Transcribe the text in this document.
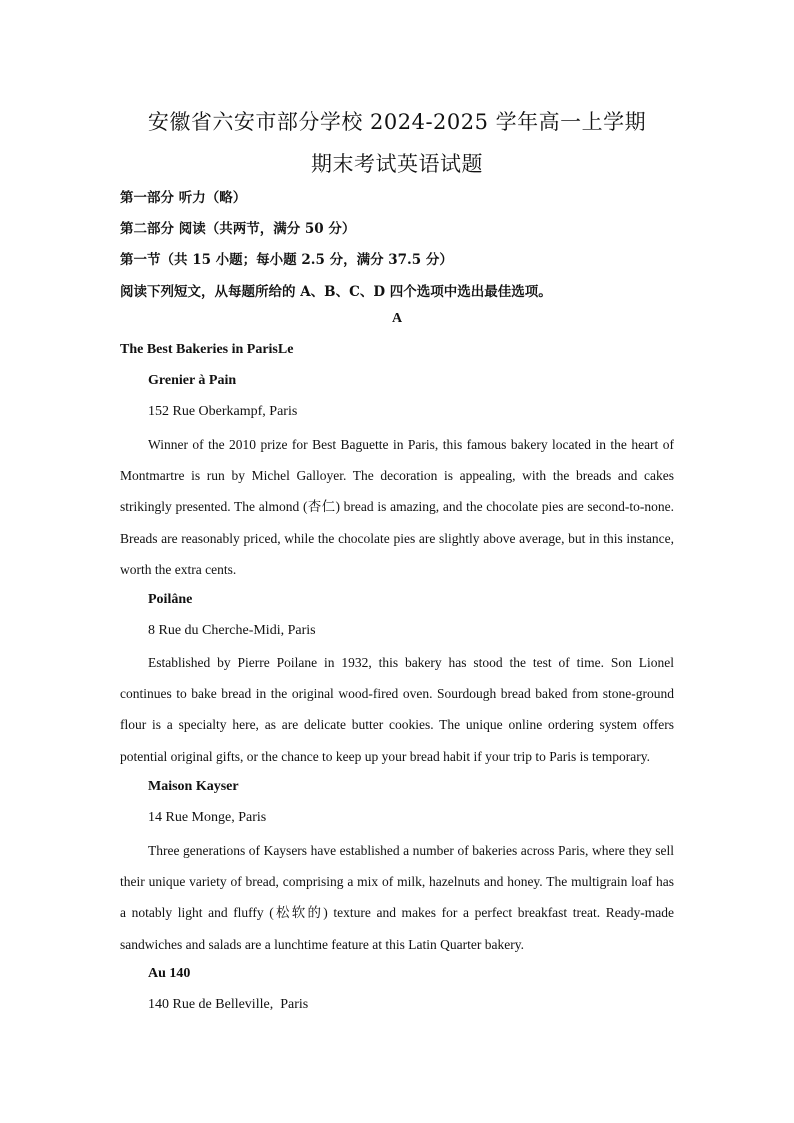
安徽省六安市部分学校 2024-2025 学年高一上学期
期末考试英语试题
第一部分 听力（略）
第二部分 阅读（共两节，满分 50 分）
第一节（共 15 小题；每小题 2.5 分，满分 37.5 分）
阅读下列短文，从每题所给的 A、B、C、D 四个选项中选出最佳选项。
A
The Best Bakeries in ParisLe
Grenier à Pain
152 Rue Oberkampf, Paris
Winner of the 2010 prize for Best Baguette in Paris, this famous bakery located in the heart of Montmartre is run by Michel Galloyer. The decoration is appealing, with the breads and cakes strikingly presented. The almond (杏仁) bread is amazing, and the chocolate pies are second-to-none. Breads are reasonably priced, while the chocolate pies are slightly above average, but in this instance, worth the extra cents.
Poilâne
8 Rue du Cherche-Midi, Paris
Established by Pierre Poilane in 1932, this bakery has stood the test of time. Son Lionel continues to bake bread in the original wood-fired oven. Sourdough bread baked from stone-ground flour is a specialty here, as are delicate butter cookies. The unique online ordering system offers potential original gifts, or the chance to keep up your bread habit if your trip to Paris is temporary.
Maison Kayser
14 Rue Monge, Paris
Three generations of Kaysers have established a number of bakeries across Paris, where they sell their unique variety of bread, comprising a mix of milk, hazelnuts and honey. The multigrain loaf has a notably light and fluffy (松软的) texture and makes for a perfect breakfast treat. Ready-made sandwiches and salads are a lunchtime feature at this Latin Quarter bakery.
Au 140
140 Rue de Belleville,  Paris
